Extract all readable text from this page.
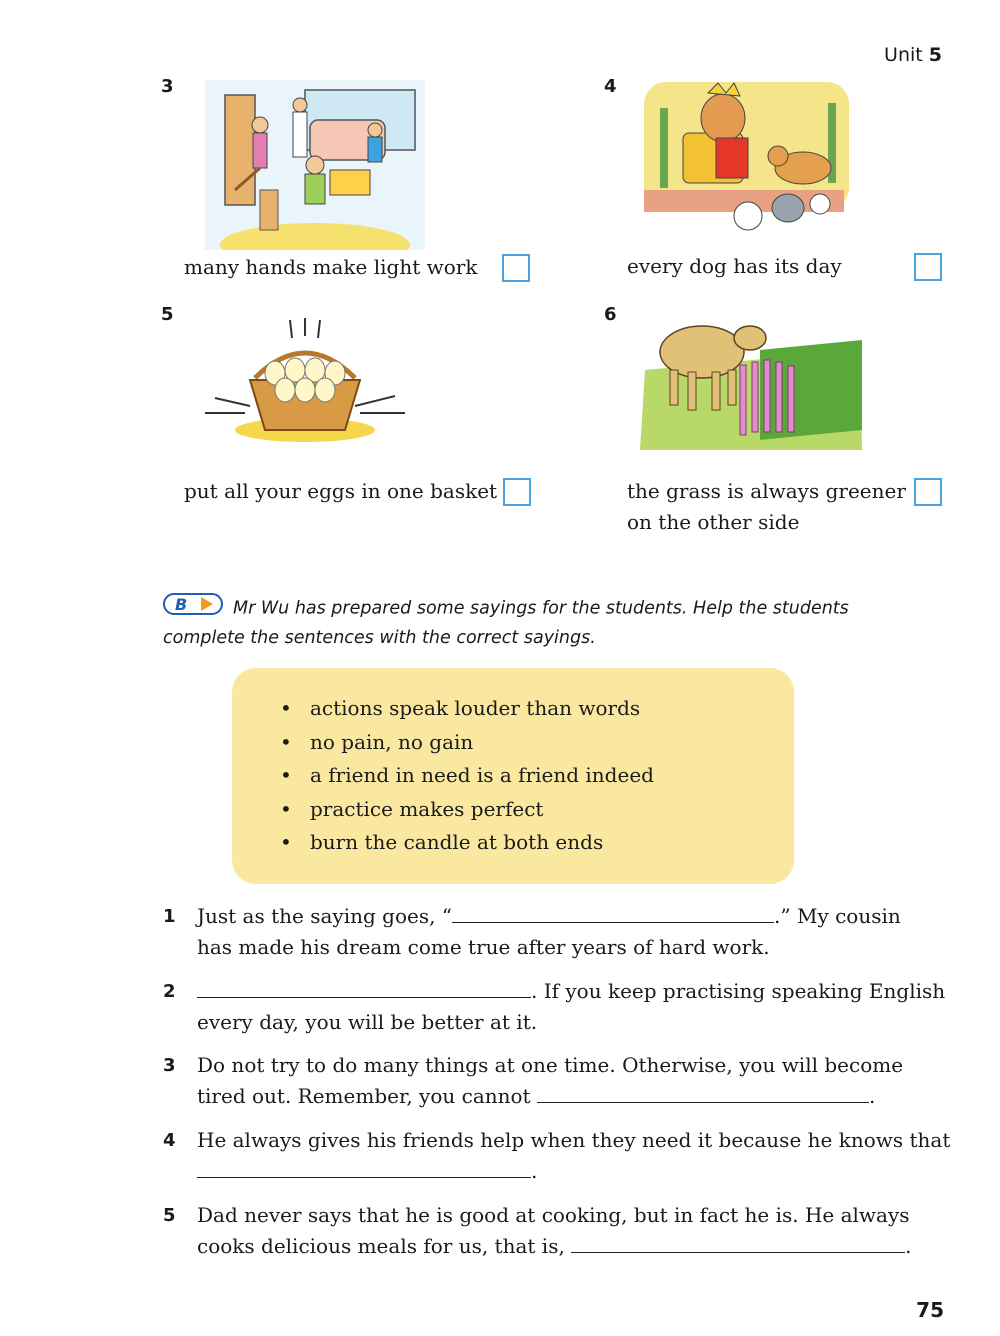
Unit 5
3
many hands make light work
4
every dog has its day
5
put all your eggs in one basket
6
the grass is always greener
on the other side
B	Mr Wu has prepared some sayings for the students. Help the students
complete the sentences with the correct sayings.
• actions speak louder than words
• no pain, no gain
• a friend in need is a friend indeed
• practice makes perfect
• burn the candle at both ends
1 Just as the saying goes, “	.” My cousin
has made his dream come true after years of hard work.
2	. If you keep practising speaking English
every day, you will be better at it.
3 Do not try to do many things at one time. Otherwise, you will become
tired out. Remember, you cannot	.
4 He always gives his friends help when they need it because he knows that
.
5 Dad never says that he is good at cooking, but in fact he is. He always
cooks delicious meals for us, that is,	.
75
